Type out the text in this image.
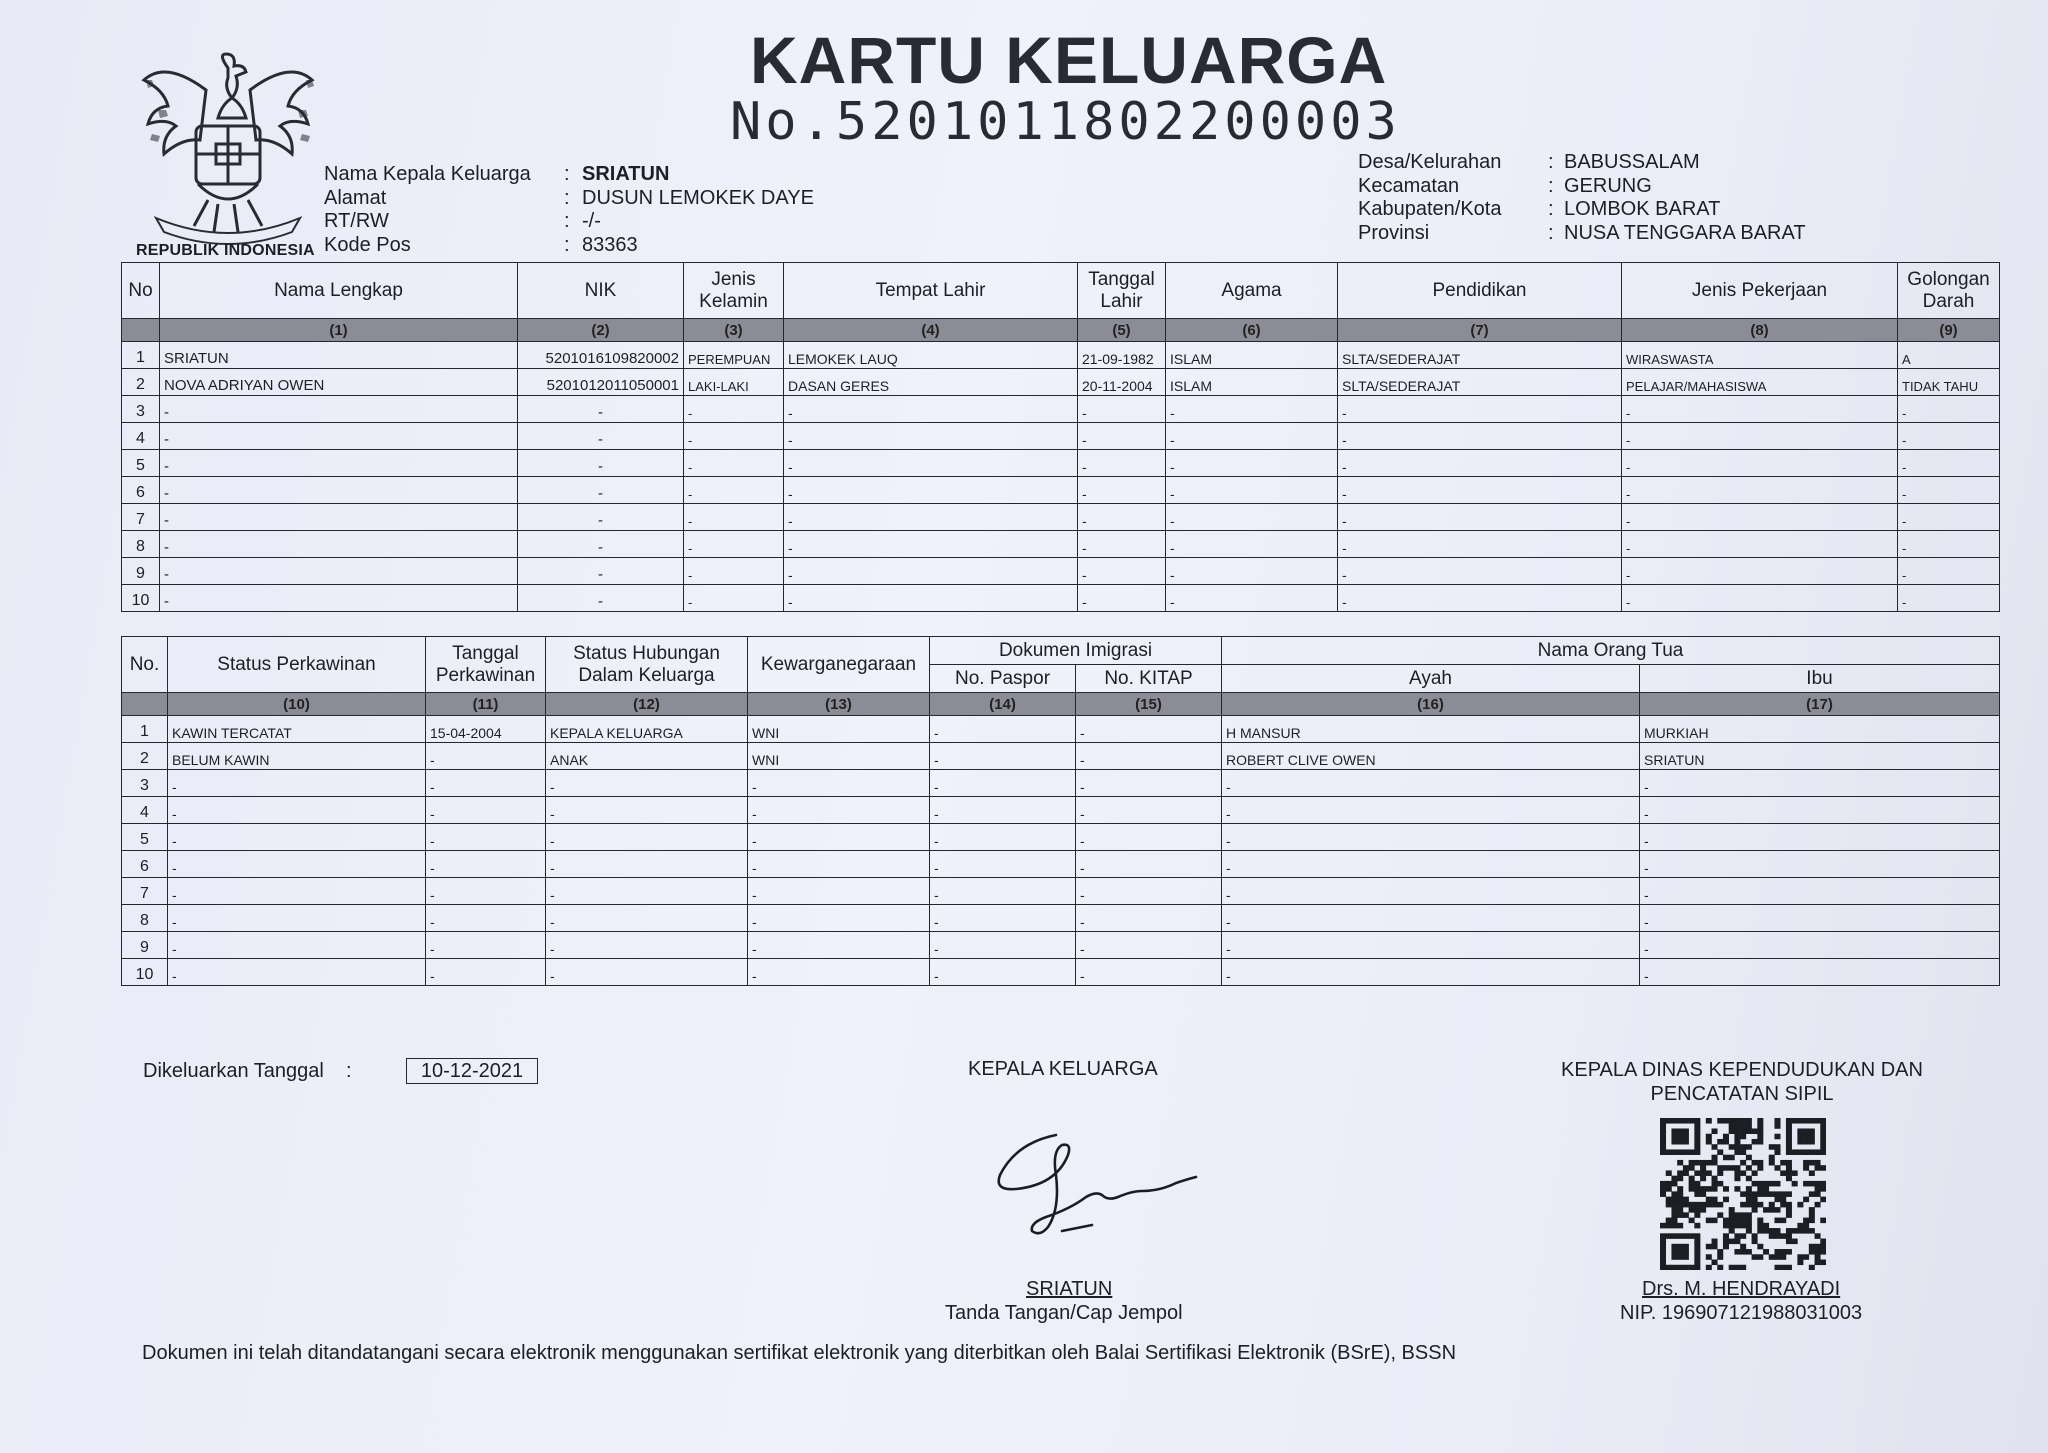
REPUBLIK INDONESIA
KARTU KELUARGA
No.5201011802200003
Nama Kepala Keluarga : SRIATUN
Alamat	: DUSUN LEMOKEK DAYE
RT/RW	: -/-
Kode Pos	: 83363
Desa/Kelurahan : BABUSSALAM
Kecamatan	: GERUNG
Kabupaten/Kota : LOMBOK BARAT
Provinsi	: NUSA TENGGARA BARAT
No	Nama Lengkap	NIK	Jenis Kelamin	Tempat Lahir	Tanggal Lahir	Agama	Pendidikan	Jenis Pekerjaan	Golongan Darah
	(1)	(2)	(3)	(4)	(5)	(6)	(7)	(8)	(9)
1	SRIATUN	5201016109820002	PEREMPUAN	LEMOKEK LAUQ	21-09-1982	ISLAM	SLTA/SEDERAJAT	WIRASWASTA	A
2	NOVA ADRIYAN OWEN	5201012011050001	LAKI-LAKI	DASAN GERES	20-11-2004	ISLAM	SLTA/SEDERAJAT	PELAJAR/MAHASISWA	TIDAK TAHU
3	-	-	-	-	-	-	-	-	-
4	-	-	-	-	-	-	-	-	-
5	-	-	-	-	-	-	-	-	-
6	-	-	-	-	-	-	-	-	-
7	-	-	-	-	-	-	-	-	-
8	-	-	-	-	-	-	-	-	-
9	-	-	-	-	-	-	-	-	-
10	-	-	-	-	-	-	-	-	-
No.	Status Perkawinan	Tanggal Perkawinan	Status Hubungan Dalam Keluarga	Kewarganegaraan	Dokumen Imigrasi		Nama Orang Tua	
					No. Paspor	No. KITAP	Ayah	Ibu
	(10)	(11)	(12)	(13)	(14)	(15)	(16)	(17)
1	KAWIN TERCATAT	15-04-2004	KEPALA KELUARGA	WNI	-	-	H MANSUR	MURKIAH
2	BELUM KAWIN	-	ANAK	WNI	-	-	ROBERT CLIVE OWEN	SRIATUN
3	-	-	-	-	-	-	-	-
4	-	-	-	-	-	-	-	-
5	-	-	-	-	-	-	-	-
6	-	-	-	-	-	-	-	-
7	-	-	-	-	-	-	-	-
8	-	-	-	-	-	-	-	-
9	-	-	-	-	-	-	-	-
10	-	-	-	-	-	-	-	-
Dikeluarkan Tanggal :	10-12-2021	KEPALA KELUARGA
SRIATUN
Tanda Tangan/Cap Jempol
KEPALA DINAS KEPENDUDUKAN DAN PENCATATAN SIPIL
Drs. M. HENDRAYADI
NIP. 196907121988031003
Dokumen ini telah ditandatangani secara elektronik menggunakan sertifikat elektronik yang diterbitkan oleh Balai Sertifikasi Elektronik (BSrE), BSSN
